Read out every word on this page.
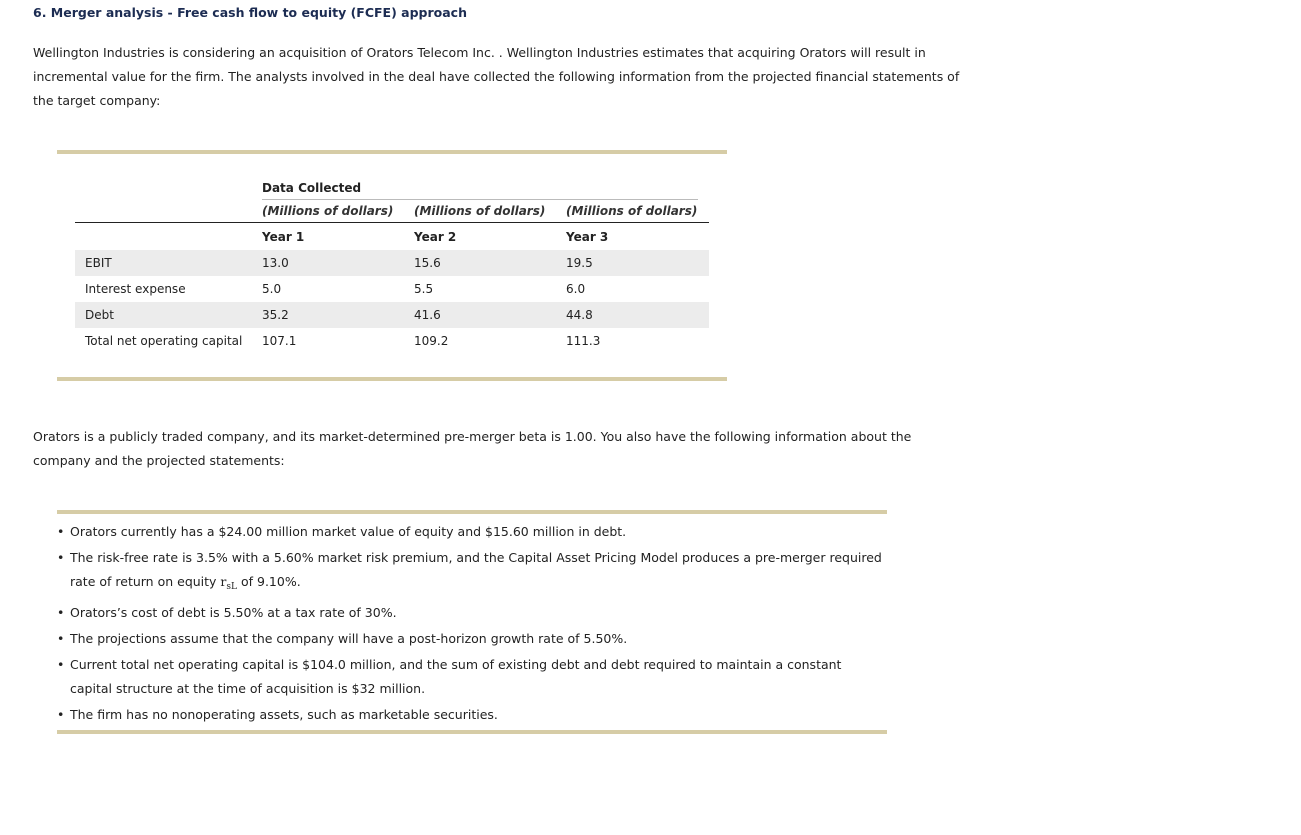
6. Merger analysis - Free cash flow to equity (FCFE) approach

Wellington Industries is considering an acquisition of Orators Telecom Inc. . Wellington Industries estimates that acquiring Orators will result in incremental value for the firm. The analysts involved in the deal have collected the following information from the projected financial statements of the target company:

Data Collected
(Millions of dollars) (Millions of dollars) (Millions of dollars)
Year 1	Year 2	Year 3
EBIT	13.0	15.6	19.5
Interest expense	5.0	5.5	6.0
Debt	35.2	41.6	44.8
Total net operating capital 107.1	109.2	111.3

Orators is a publicly traded company, and its market-determined pre-merger beta is 1.00. You also have the following information about the company and the projected statements:

• Orators currently has a $24.00 million market value of equity and $15.60 million in debt.
• The risk-free rate is 3.5% with a 5.60% market risk premium, and the Capital Asset Pricing Model produces a pre-merger required rate of return on equity $r_{sL}$ of 9.10%.
• Orators’s cost of debt is 5.50% at a tax rate of 30%.
• The projections assume that the company will have a post-horizon growth rate of 5.50%.
• Current total net operating capital is $104.0 million, and the sum of existing debt and debt required to maintain a constant capital structure at the time of acquisition is $32 million.
• The firm has no nonoperating assets, such as marketable securities.
